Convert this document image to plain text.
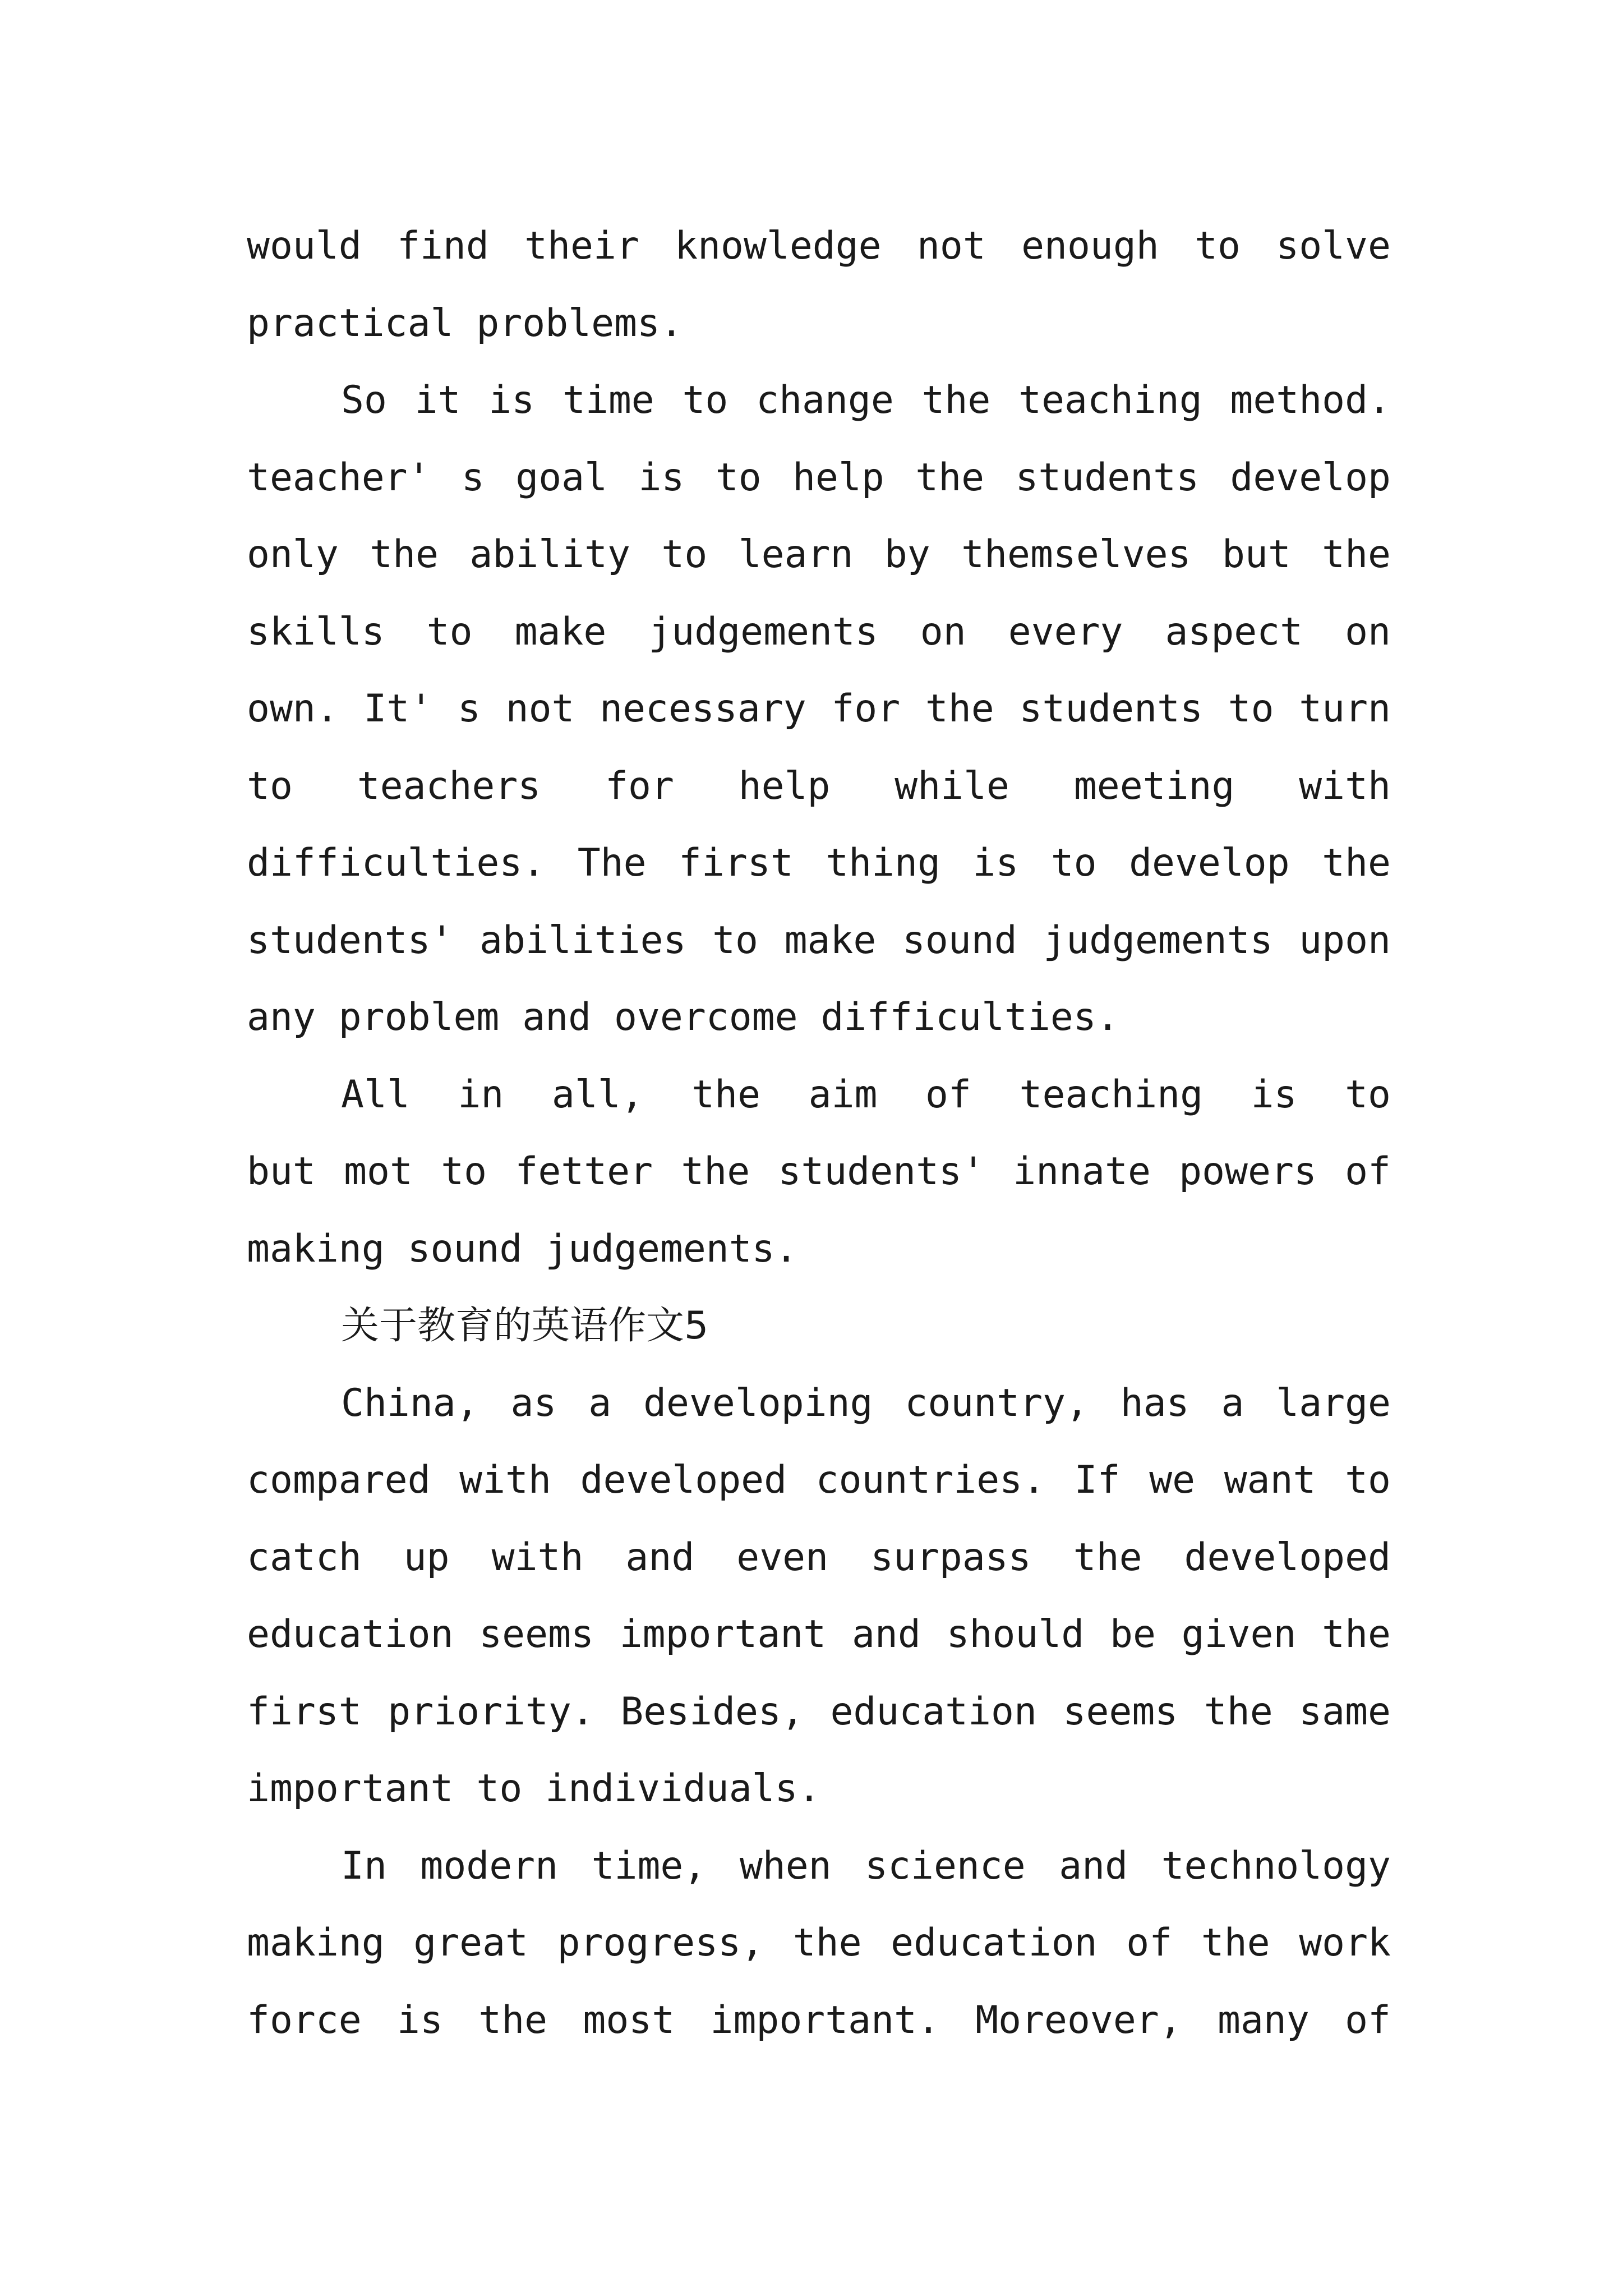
would find their knowledge not enough to solve
practical problems.
So it is time to change the teaching method.
teacher' s goal is to help the students develop
only the ability to learn by themselves but the
skills to make judgements on every aspect on
own. It' s not necessary for the students to turn
to teachers for help while meeting with
difficulties. The first thing is to develop the
students' abilities to make sound judgements upon
any problem and overcome difficulties.
All in all, the aim of teaching is to
but mot to fetter the students' innate powers of
making sound judgements.
关于教育的英语作文5
China, as a developing country, has a large
compared with developed countries. If we want to
catch up with and even surpass the developed
education seems important and should be given the
first priority. Besides, education seems the same
important to individuals.
In modern time, when science and technology
making great progress, the education of the work
force is the most important. Moreover, many of
